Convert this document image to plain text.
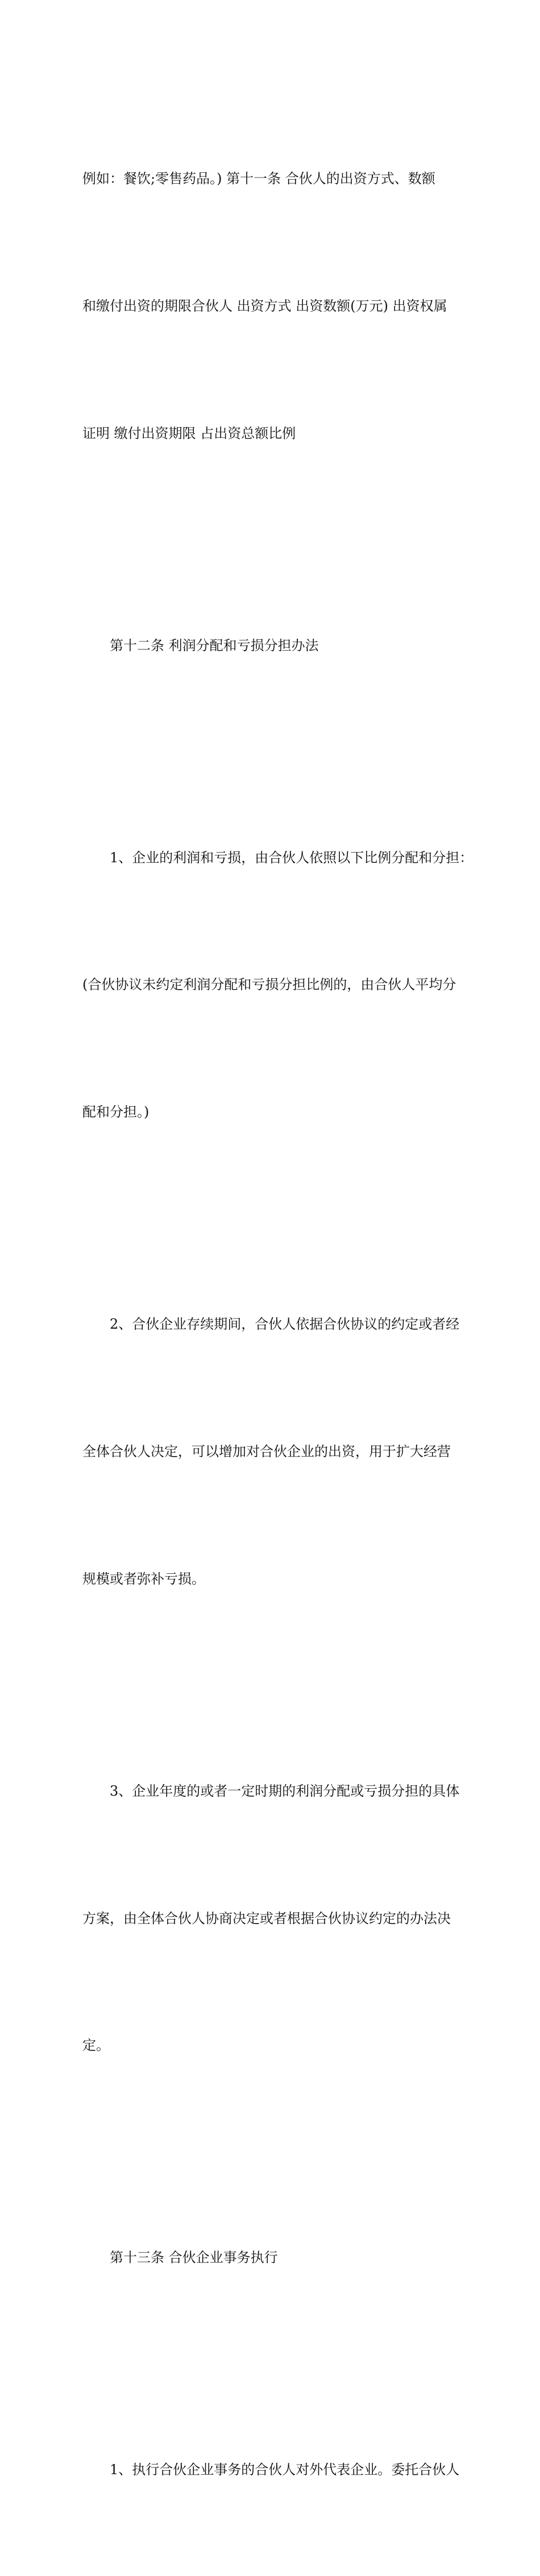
例如：餐饮;零售药品。) 第十一条 合伙人的出资方式、数额

和缴付出资的期限合伙人 出资方式 出资数额(万元) 出资权属

证明 缴付出资期限 占出资总额比例

　　第十二条 利润分配和亏损分担办法

　　1、企业的利润和亏损，由合伙人依照以下比例分配和分担：

(合伙协议未约定利润分配和亏损分担比例的，由合伙人平均分

配和分担。)

　　2、合伙企业存续期间，合伙人依据合伙协议的约定或者经

全体合伙人决定，可以增加对合伙企业的出资，用于扩大经营

规模或者弥补亏损。

　　3、企业年度的或者一定时期的利润分配或亏损分担的具体

方案，由全体合伙人协商决定或者根据合伙协议约定的办法决

定。

　　第十三条 合伙企业事务执行

　　1、执行合伙企业事务的合伙人对外代表企业。委托合伙人
